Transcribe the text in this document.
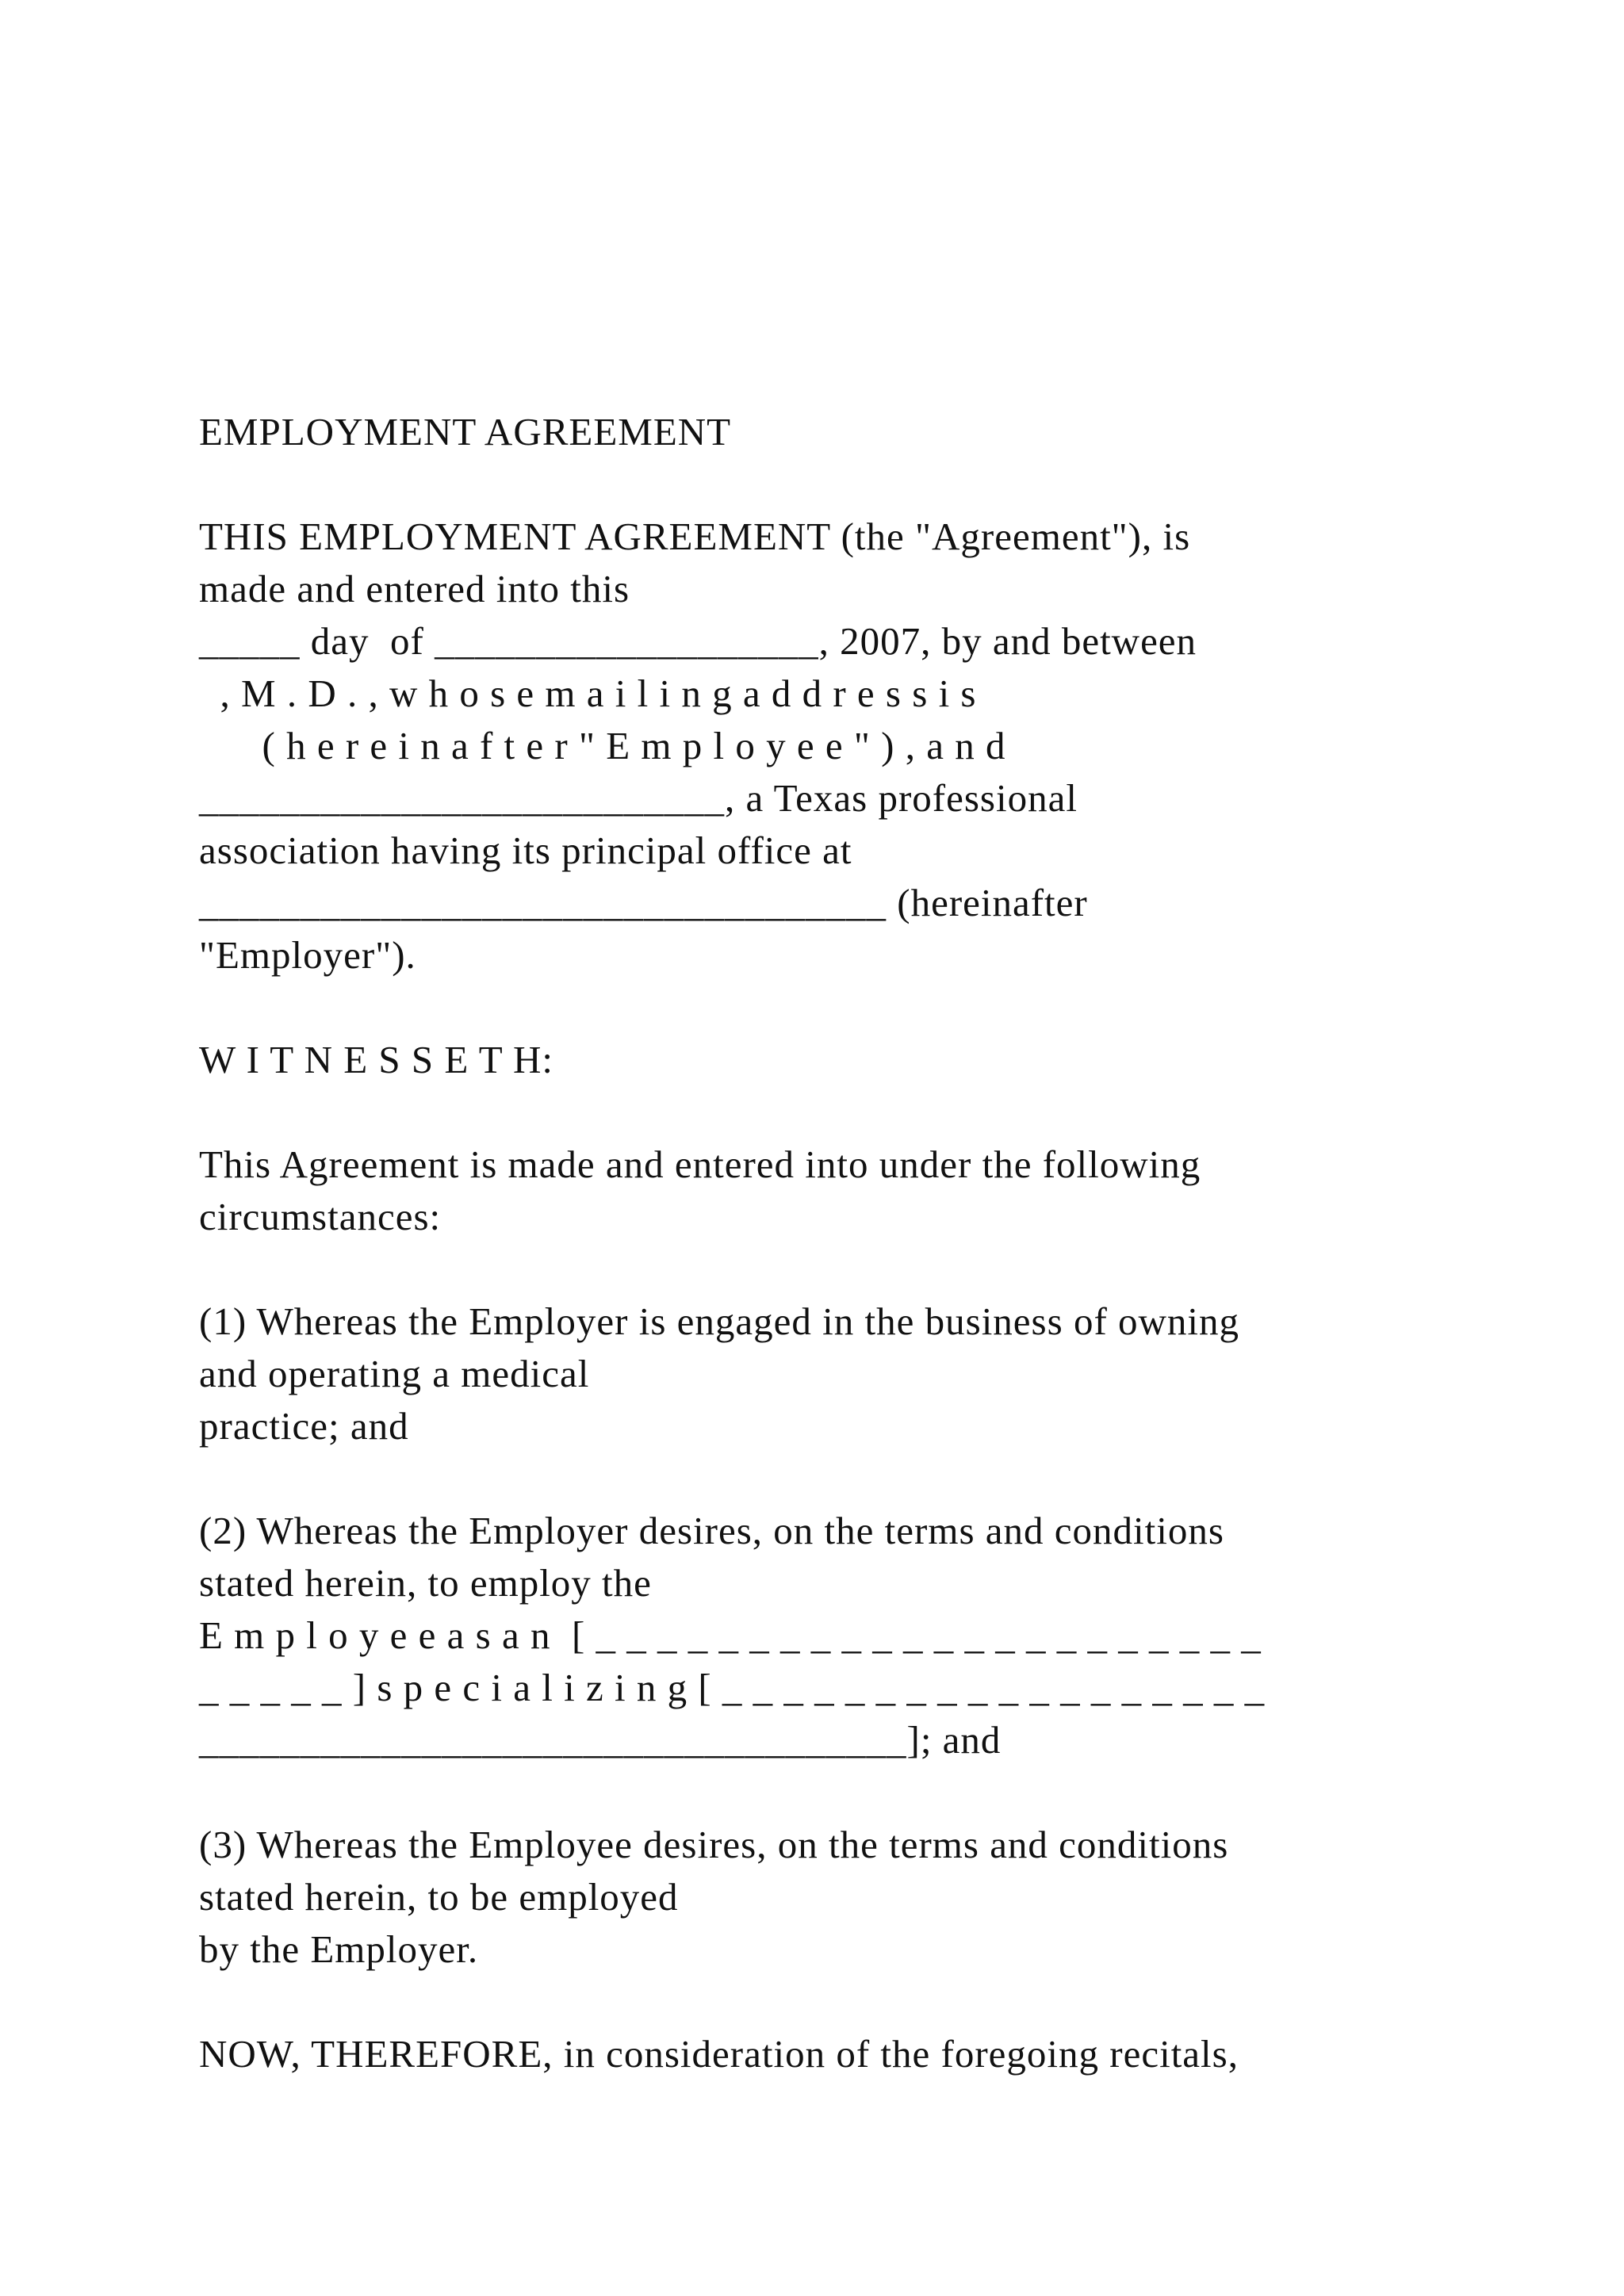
EMPLOYMENT AGREEMENT

THIS EMPLOYMENT AGREEMENT (the "Agreement"), is

made and entered into this

_____ day  of ___________________, 2007, by and between

, M . D . , w h o s e m a i l i n g a d d r e s s i s

( h e r e i n a f t e r " E m p l o y e e " ) , a n d

__________________________, a Texas professional

association having its principal office at

__________________________________ (hereinafter

"Employer").

W I T N E S S E T H:

This Agreement is made and entered into under the following

circumstances:

(1) Whereas the Employer is engaged in the business of owning

and operating a medical

practice; and

(2) Whereas the Employer desires, on the terms and conditions

stated herein, to employ the

E m p l o y e e a s a n  [ _ _ _ _ _ _ _ _ _ _ _ _ _ _ _ _ _ _ _ _ _ _

_ _ _ _ _ ] s p e c i a l i z i n g [ _ _ _ _ _ _ _ _ _ _ _ _ _ _ _ _ _ _

___________________________________]; and

(3) Whereas the Employee desires, on the terms and conditions

stated herein, to be employed

by the Employer.

NOW, THEREFORE, in consideration of the foregoing recitals,
